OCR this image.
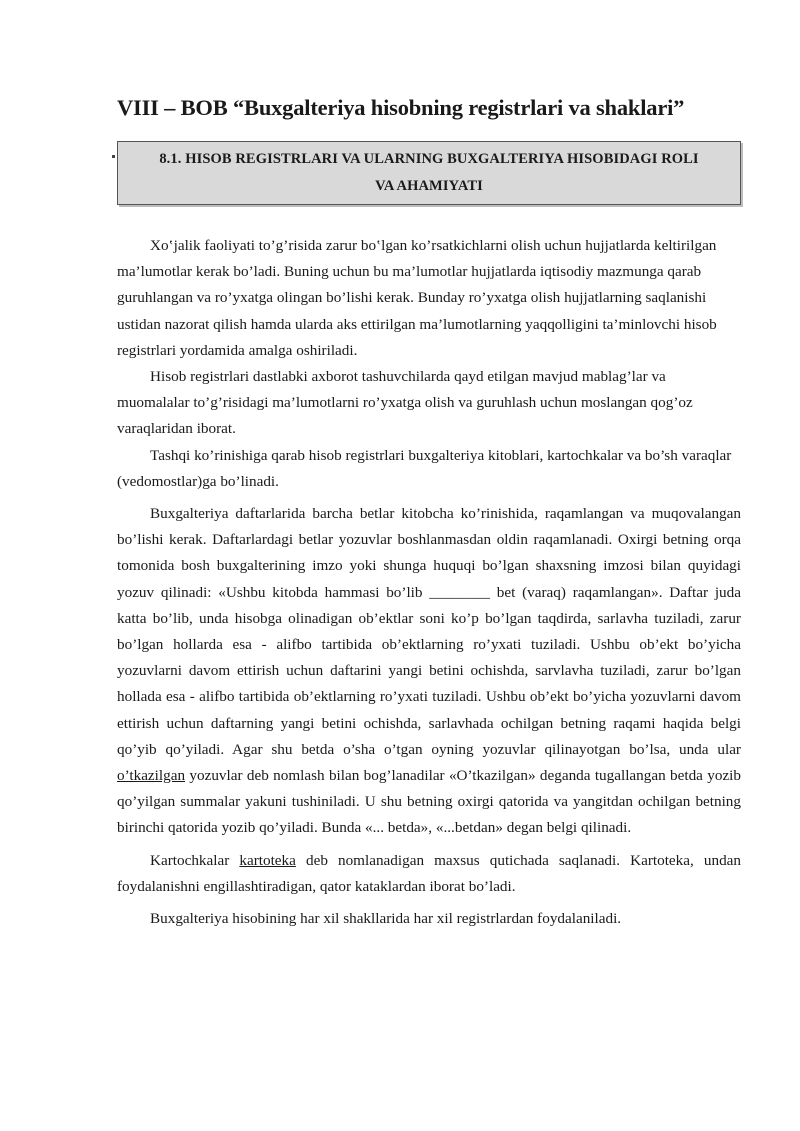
VIII – BOB “Buxgalteriya hisobning registrlari va shaklari”
8.1. HISOB REGISTRLARI VA ULARNING BUXGALTERIYA HISOBIDAGI ROLI VA AHAMIYATI

Xo‛jalik faoliyati to’g’risida zarur bo‛lgan ko’rsatkichlarni olish uchun hujjatlarda keltirilgan ma’lumotlar kerak bo’ladi. Buning uchun bu ma’lumotlar hujjatlarda iqtisodiy mazmunga qarab guruhlangan va ro’yxatga olingan bo’lishi kerak. Bunday ro’yxatga olish hujjatlarning saqlanishi ustidan nazorat qilish hamda ularda aks ettirilgan ma’lumotlarning yaqqolligini ta’minlovchi hisob registrlari yordamida amalga oshiriladi.

Hisob registrlari dastlabki axborot tashuvchilarda qayd etilgan mavjud mablag’lar va muomalalar to’g’risidagi ma’lumotlarni ro’yxatga olish va guruhlash uchun moslangan qog’oz varaqlaridan iborat.

Tashqi ko’rinishiga qarab hisob registrlari buxgalteriya kitoblari, kartochkalar va bo’sh varaqlar (vedomostlar)ga bo’linadi.

Buxgalteriya daftarlarida barcha betlar kitobcha ko’rinishida, raqamlangan va muqovalangan bo’lishi kerak. Daftarlardagi betlar yozuvlar boshlanmasdan oldin raqamlanadi. Oxirgi betning orqa tomonida bosh buxgalterining imzo yoki shunga huquqi bo’lgan shaxsning imzosi bilan quyidagi yozuv qilinadi: «Ushbu kitobda hammasi bo’lib ________ bet (varaq) raqamlangan». Daftar juda katta bo’lib, unda hisobga olinadigan ob’ektlar soni ko’p bo’lgan taqdirda, sarlavha tuziladi, zarur bo’lgan hollarda esa - alifbo tartibida ob’ektlarning ro’yxati tuziladi. Ushbu ob’ekt bo’yicha yozuvlarni davom ettirish uchun daftarini yangi betini ochishda, sarvlavha tuziladi, zarur bo’lgan hollada esa - alifbo tartibida ob’ektlarning ro’yxati tuziladi. Ushbu ob’ekt bo’yicha yozuvlarni davom ettirish uchun daftarning yangi betini ochishda, sarlavhada ochilgan betning raqami haqida belgi qo’yib qo’yiladi. Agar shu betda o’sha o’tgan oyning yozuvlar qilinayotgan bo’lsa, unda ular o’tkazilgan yozuvlar deb nomlash bilan bog’lanadilar «O’tkazilgan» deganda tugallangan betda yozib qo’yilgan summalar yakuni tushiniladi. U shu betning oxirgi qatorida va yangitdan ochilgan betning birinchi qatorida yozib qo’yiladi. Bunda «... betda», «...betdan» degan belgi qilinadi.

Kartochkalar kartoteka deb nomlanadigan maxsus qutichada saqlanadi. Kartoteka, undan foydalanishni engillashtiradigan, qator kataklardan iborat bo’ladi.

Buxgalteriya hisobining har xil shakllarida har xil registrlardan foydalaniladi.
